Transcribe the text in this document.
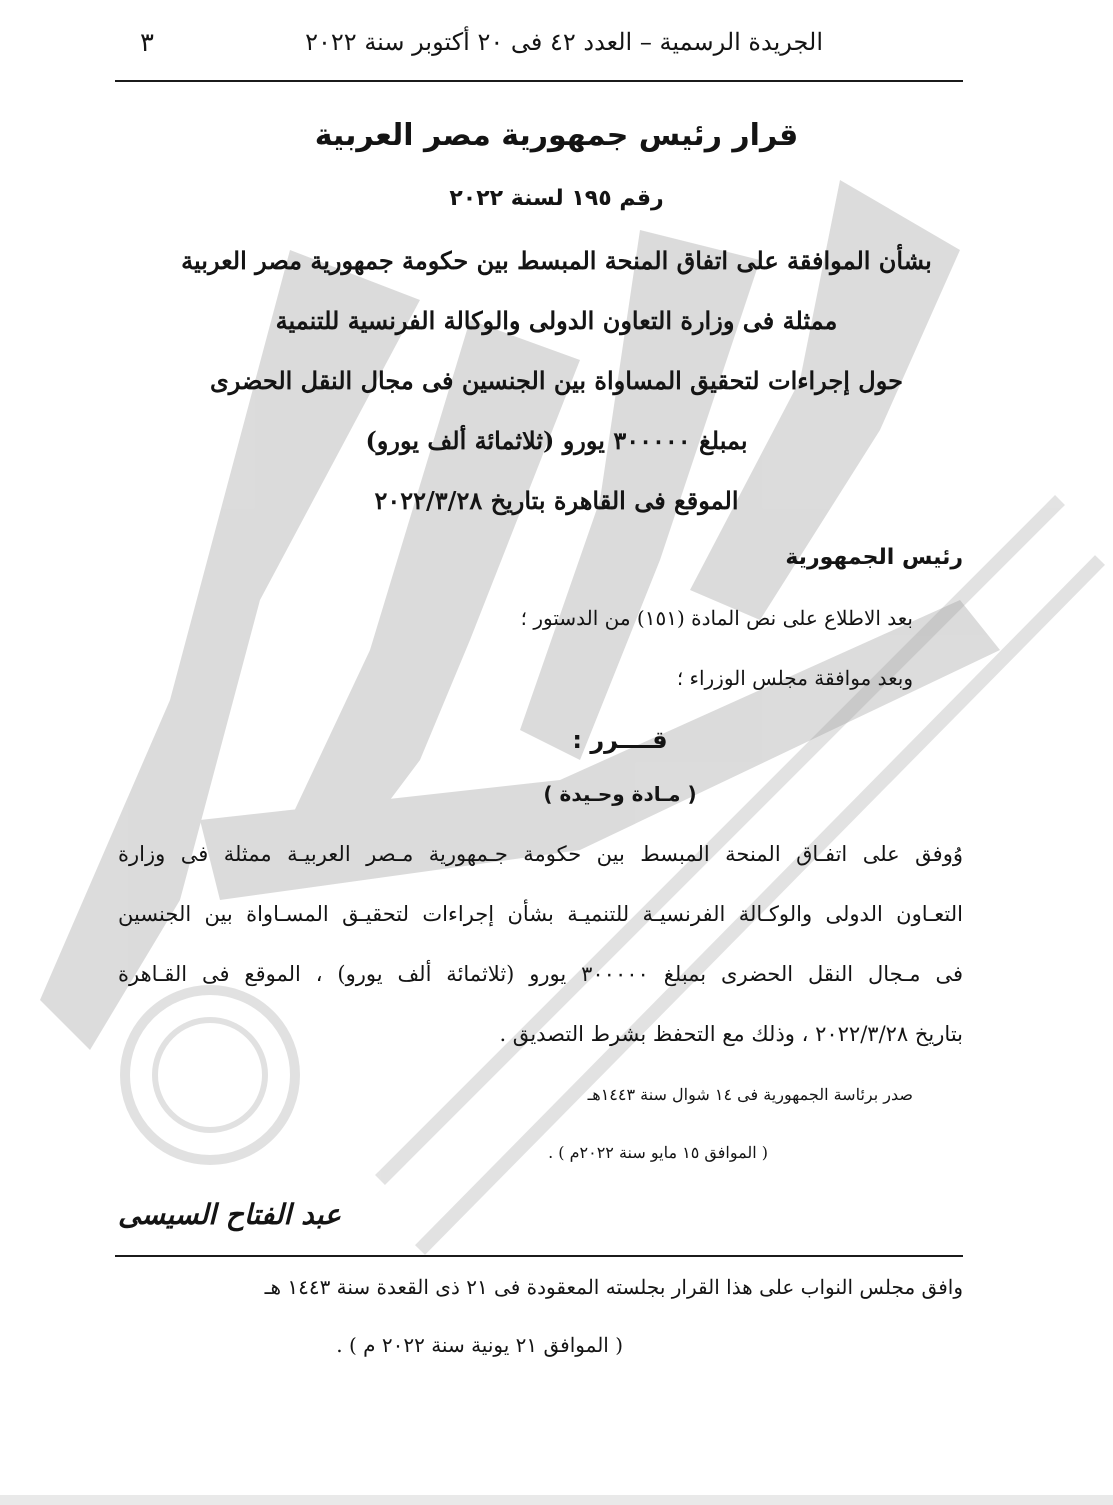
٣	الجريدة الرسمية – العدد ٤٢ فى ٢٠ أكتوبر سنة ٢٠٢٢
قرار رئيس جمهورية مصر العربية
رقم ١٩٥ لسنة ٢٠٢٢
بشأن الموافقة على اتفاق المنحة المبسط بين حكومة جمهورية مصر العربية
ممثلة فى وزارة التعاون الدولى والوكالة الفرنسية للتنمية
حول إجراءات لتحقيق المساواة بين الجنسين فى مجال النقل الحضرى
بمبلغ ٣٠٠٠٠٠ يورو (ثلاثمائة ألف يورو)
الموقع فى القاهرة بتاريخ ٢٠٢٢/٣/٢٨
رئيس الجمهورية
بعد الاطلاع على نص المادة (١٥١) من الدستور ؛
وبعد موافقة مجلس الوزراء ؛
قــــرر :
( مـادة وحـيدة )
وُوفق على اتفـاق المنحة المبسط بين حكومة جـمهورية مـصر العربيـة ممثلة فى وزارة
التعـاون الدولى والوكـالة الفرنسيـة للتنميـة بشأن إجراءات لتحقيـق المسـاواة بين الجنسين
فى مـجال النقل الحضرى بمبلغ ٣٠٠٠٠٠ يورو (ثلاثمائة ألف يورو) ، الموقع فى القـاهرة
بتاريخ ٢٠٢٢/٣/٢٨ ، وذلك مع التحفظ بشرط التصديق .
صدر برئاسة الجمهورية فى ١٤ شوال سنة ١٤٤٣هـ
( الموافق ١٥ مايو سنة ٢٠٢٢م ) .
عبد الفتاح السيسى
وافق مجلس النواب على هذا القرار بجلسته المعقودة فى ٢١ ذى القعدة سنة ١٤٤٣ هـ
( الموافق ٢١ يونية سنة ٢٠٢٢ م ) .
